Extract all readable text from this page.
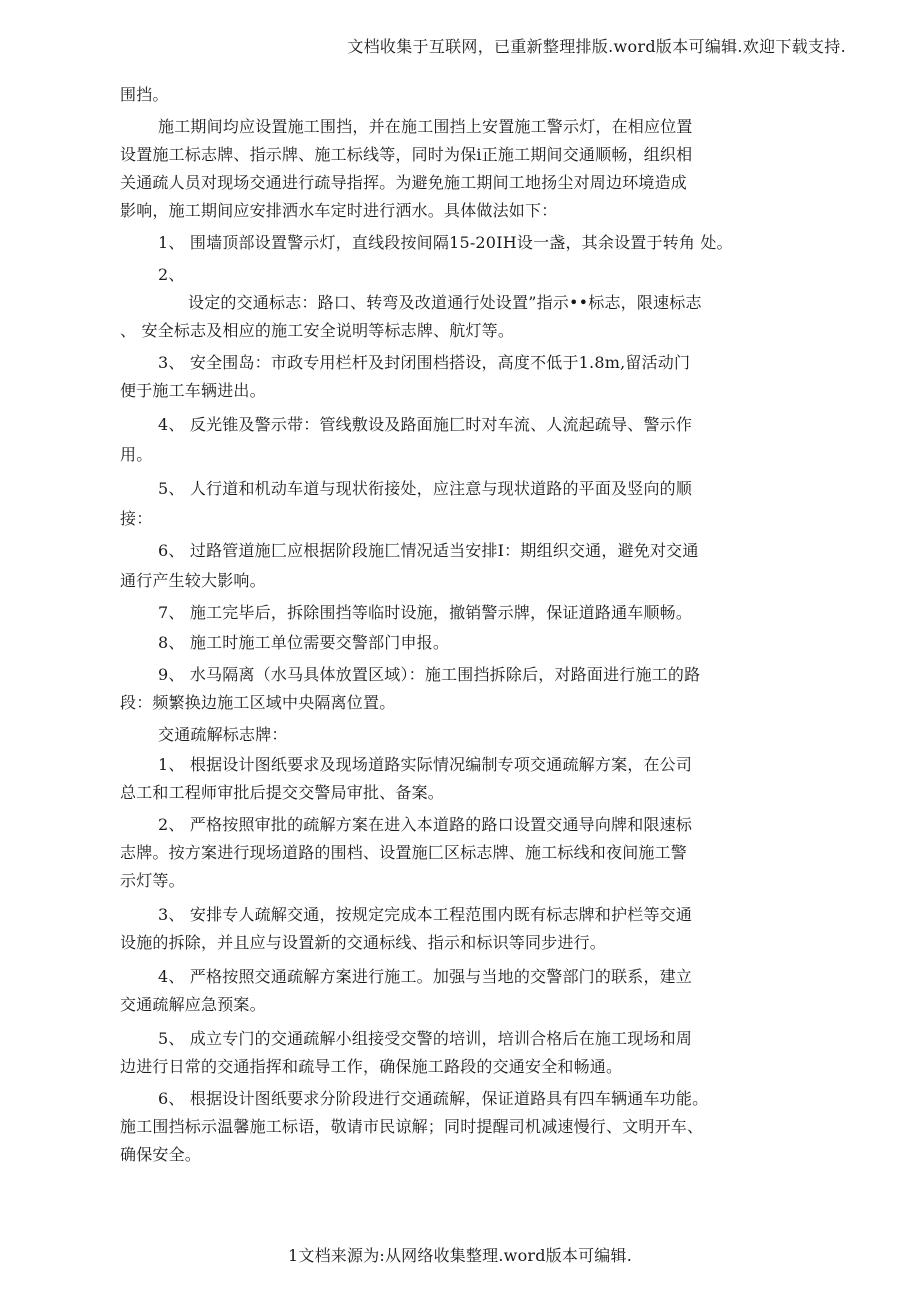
文档收集于互联网，已重新整理排版.word版本可编辑.欢迎下载支持.
围挡。
施工期间均应设置施工围挡，并在施工围挡上安置施工警示灯，在相应位置
设置施工标志牌、指示牌、施工标线等，同时为保i正施工期间交通顺畅，组织相
关通疏人员对现场交通进行疏导指挥。为避免施工期间工地扬尘对周边环境造成
影响，施工期间应安排洒水车定时进行洒水。具体做法如下：
1、 围墙顶部设置警示灯，直线段按间隔15-20IH设一盏，其余设置于转角 处。
2、
设定的交通标志：路口、转弯及改道通行处设置”指示••标志，限速标志
、 安全标志及相应的施工安全说明等标志牌、航灯等。
3、 安全围岛：市政专用栏杆及封闭围档搭设，高度不低于1.8m,留活动门
便于施工车辆进出。
4、 反光锥及警示带：管线敷设及路面施匚时对车流、人流起疏导、警示作
用。
5、 人行道和机动车道与现状衔接处，应注意与现状道路的平面及竖向的顺
接：
6、 过路管道施匚应根据阶段施匚情况适当安排I：期组织交通，避免对交通
通行产生较大影响。
7、 施工完毕后，拆除围挡等临时设施，撤销警示牌，保证道路通车顺畅。
8、 施工时施工单位需要交警部门申报。
9、 水马隔离（水马具体放置区域）：施工围挡拆除后，对路面进行施工的路
段：频繁换边施工区域中央隔离位置。
交通疏解标志牌：
1、 根据设计图纸要求及现场道路实际情况编制专项交通疏解方案，在公司
总工和工程师审批后提交交警局审批、备案。
2、 严格按照审批的疏解方案在进入本道路的路口设置交通导向牌和限速标
志牌。按方案进行现场道路的围档、设置施匚区标志牌、施工标线和夜间施工警
示灯等。
3、 安排专人疏解交通，按规定完成本工程范围内既有标志牌和护栏等交通
设施的拆除，并且应与设置新的交通标线、指示和标识等同步进行。
4、 严格按照交通疏解方案进行施工。加强与当地的交警部门的联系，建立
交通疏解应急预案。
5、 成立专门的交通疏解小组接受交警的培训，培训合格后在施工现场和周
边进行日常的交通指挥和疏导工作，确保施工路段的交通安全和畅通。
6、 根据设计图纸要求分阶段进行交通疏解，保证道路具有四车辆通车功能。
施工围挡标示温馨施工标语，敬请市民谅解；同时提醒司机减速慢行、文明开车、
确保安全。
1文档来源为:从网络收集整理.word版本可编辑.
